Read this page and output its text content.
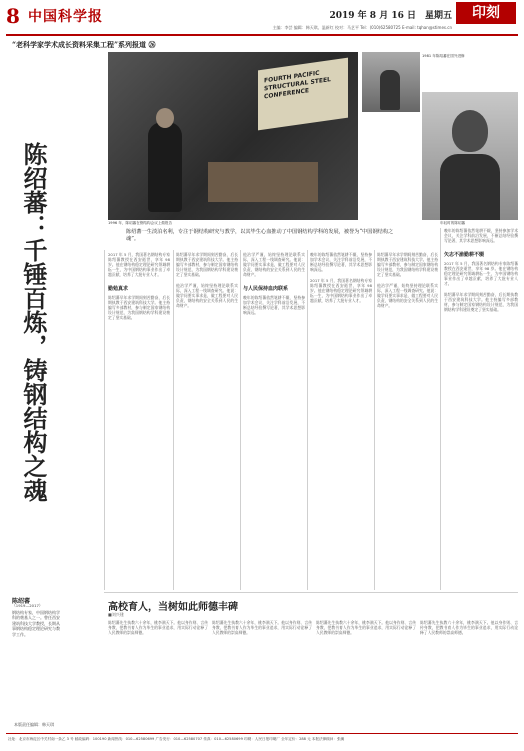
8 中国科学报	2019 年 8 月 16 日　星期五	印刻
主编：李芸 编辑：韩天琪、温新红 校对：马艺平 Tel：(010)62580725 E-mail: tqhan@stimes.cn
“老科学家学术成长资料采集工程”系列报道 ㉖
FOURTH PACIFIC STRUCTURAL STEEL CONFERENCE
1996 年，陈绍蕃在钢结构会议上做报告
1981 年陈绍蕃在国外进修
年轻时的陈绍蕃
陈绍蕃：千锤百炼，铸钢结构之魂	陈绍蕃一生淡泊名利，专注于钢结构研究与教学，以其毕生心血推动了中国钢结构学科的发展，被誉为“中国钢结构之魂”。
陈绍蕃
（1919—2017）
钢结构专家，中国钢结构学科的奠基人之一。曾任西安建筑科技大学教授，长期从事钢结构稳定理论研究与教学工作。
2017 年 5 月，我国著名钢结构专家陈绍蕃教授在西安逝世，享年 98 岁。他在钢结构稳定理论研究领域耕耘一生，为中国钢结构事业作出了卓越贡献，培养了大批专业人才。
勤勉真求
陈绍蕃早年求学期间刻苦勤奋，后长期执教于西安建筑科技大学。他主持编写多部教材，参与制定国家钢结构设计规范，为我国钢结构学科建设奠定了坚实基础。
陈绍蕃早年求学期间刻苦勤奋，后长期执教于西安建筑科技大学。他主持编写多部教材，参与制定国家钢结构设计规范，为我国钢结构学科建设奠定了坚实基础。
他治学严谨，始终坚持理论联系实际，深入工程一线调查研究。他说：做学问要实事求是，做工程要对人民负责，钢结构的安全关系到人民的生命财产。
他治学严谨，始终坚持理论联系实际，深入工程一线调查研究。他说：做学问要实事求是，做工程要对人民负责，钢结构的安全关系到人民的生命财产。
与人民保持血肉联系
晚年的陈绍蕃依然笔耕不辍，坚持参加学术会议，关注学科前沿发展，不断总结经验撰写论著，其学术思想影响深远。
晚年的陈绍蕃依然笔耕不辍，坚持参加学术会议，关注学科前沿发展，不断总结经验撰写论著，其学术思想影响深远。
2017 年 5 月，我国著名钢结构专家陈绍蕃教授在西安逝世，享年 98 岁。他在钢结构稳定理论研究领域耕耘一生，为中国钢结构事业作出了卓越贡献，培养了大批专业人才。
陈绍蕃早年求学期间刻苦勤奋，后长期执教于西安建筑科技大学。他主持编写多部教材，参与制定国家钢结构设计规范，为我国钢结构学科建设奠定了坚实基础。
他治学严谨，始终坚持理论联系实际，深入工程一线调查研究。他说：做学问要实事求是，做工程要对人民负责，钢结构的安全关系到人民的生命财产。
晚年的陈绍蕃依然笔耕不辍，坚持参加学术会议，关注学科前沿发展，不断总结经验撰写论著，其学术思想影响深远。
矢志不渝勤耕不辍
2017 年 5 月，我国著名钢结构专家陈绍蕃教授在西安逝世，享年 98 岁。他在钢结构稳定理论研究领域耕耘一生，为中国钢结构事业作出了卓越贡献，培养了大批专业人才。
陈绍蕃早年求学期间刻苦勤奋，后长期执教于西安建筑科技大学。他主持编写多部教材，参与制定国家钢结构设计规范，为我国钢结构学科建设奠定了坚实基础。
高校育人，当树如此师德丰碑
■刘兴建
陈绍蕃先生执教六十余年，桃李满天下。他以身作则、言传身教，把教书育人作为毕生的事业追求，用实际行动诠释了人民教师的崇高师德。
陈绍蕃先生执教六十余年，桃李满天下。他以身作则、言传身教，把教书育人作为毕生的事业追求，用实际行动诠释了人民教师的崇高师德。
陈绍蕃先生执教六十余年，桃李满天下。他以身作则、言传身教，把教书育人作为毕生的事业追求，用实际行动诠释了人民教师的崇高师德。
陈绍蕃先生执教六十余年，桃李满天下。他以身作则、言传身教，把教书育人作为毕生的事业追求，用实际行动诠释了人民教师的崇高师德。
本版责任编辑：韩天琪
社址：北京市海淀区中关村南一条乙 3 号 邮政编码：100190 新闻热线：010—62580699 广告发行：010—62580707 传真：010—62580699 印刷：人民日报印刷厂 全年定价：288 元 本报法律顾问：张澜
